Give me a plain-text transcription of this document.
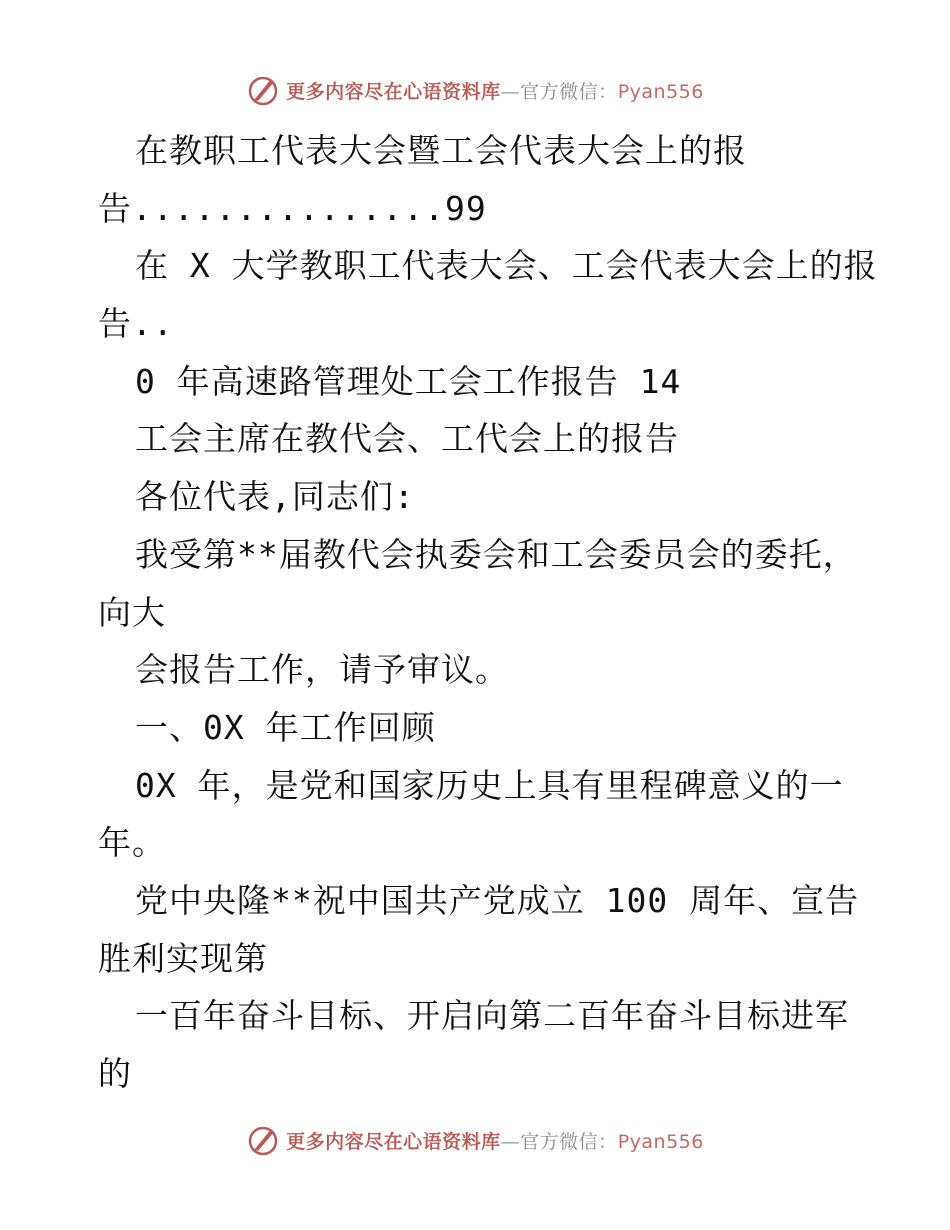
更多内容尽在心语资料库—官方微信：Pyan556
在教职工代表大会暨工会代表大会上的报
告...............99
在 X 大学教职工代表大会、工会代表大会上的报
告..
0 年高速路管理处工会工作报告 14
工会主席在教代会、工代会上的报告
各位代表,同志们:
我受第**届教代会执委会和工会委员会的委托，
向大
会报告工作，请予审议。
一、0X 年工作回顾
0X 年，是党和国家历史上具有里程碑意义的一
年。
党中央隆**祝中国共产党成立 100 周年、宣告
胜利实现第
一百年奋斗目标、开启向第二百年奋斗目标进军
的
更多内容尽在心语资料库—官方微信：Pyan556
